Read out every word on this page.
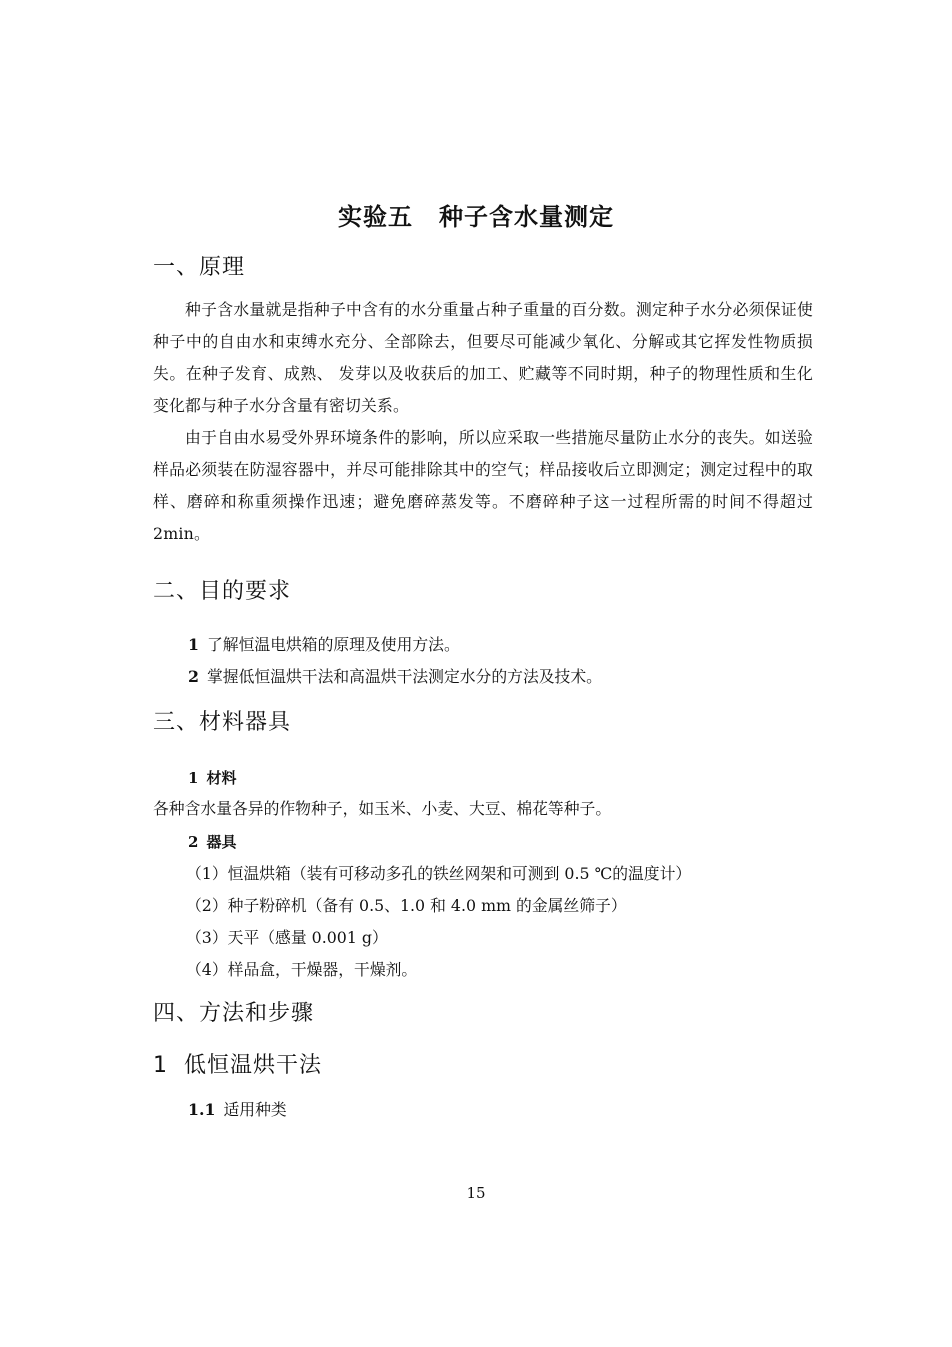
实验五 种子含水量测定
一、原理

种子含水量就是指种子中含有的水分重量占种子重量的百分数。测定种子水分必须保证使种子中的自由水和束缚水充分、全部除去，但要尽可能减少氧化、分解或其它挥发性物质损失。在种子发育、成熟、 发芽以及收获后的加工、贮藏等不同时期，种子的物理性质和生化变化都与种子水分含量有密切关系。

由于自由水易受外界环境条件的影响，所以应采取一些措施尽量防止水分的丧失。如送验样品必须装在防湿容器中，并尽可能排除其中的空气；样品接收后立即测定；测定过程中的取样、磨碎和称重须操作迅速；避免磨碎蒸发等。不磨碎种子这一过程所需的时间不得超过 2min。

二、目的要求
1 了解恒温电烘箱的原理及使用方法。
2 掌握低恒温烘干法和高温烘干法测定水分的方法及技术。
三、材料器具
1 材料
各种含水量各异的作物种子，如玉米、小麦、大豆、棉花等种子。
2 器具
（1）恒温烘箱（装有可移动多孔的铁丝网架和可测到 0.5 ℃的温度计）
（2）种子粉碎机（备有 0.5、1.0 和 4.0 mm 的金属丝筛子）
（3）天平（感量 0.001 g）
（4）样品盒，干燥器，干燥剂。
四、方法和步骤
1  低恒温烘干法
1.1 适用种类
15
